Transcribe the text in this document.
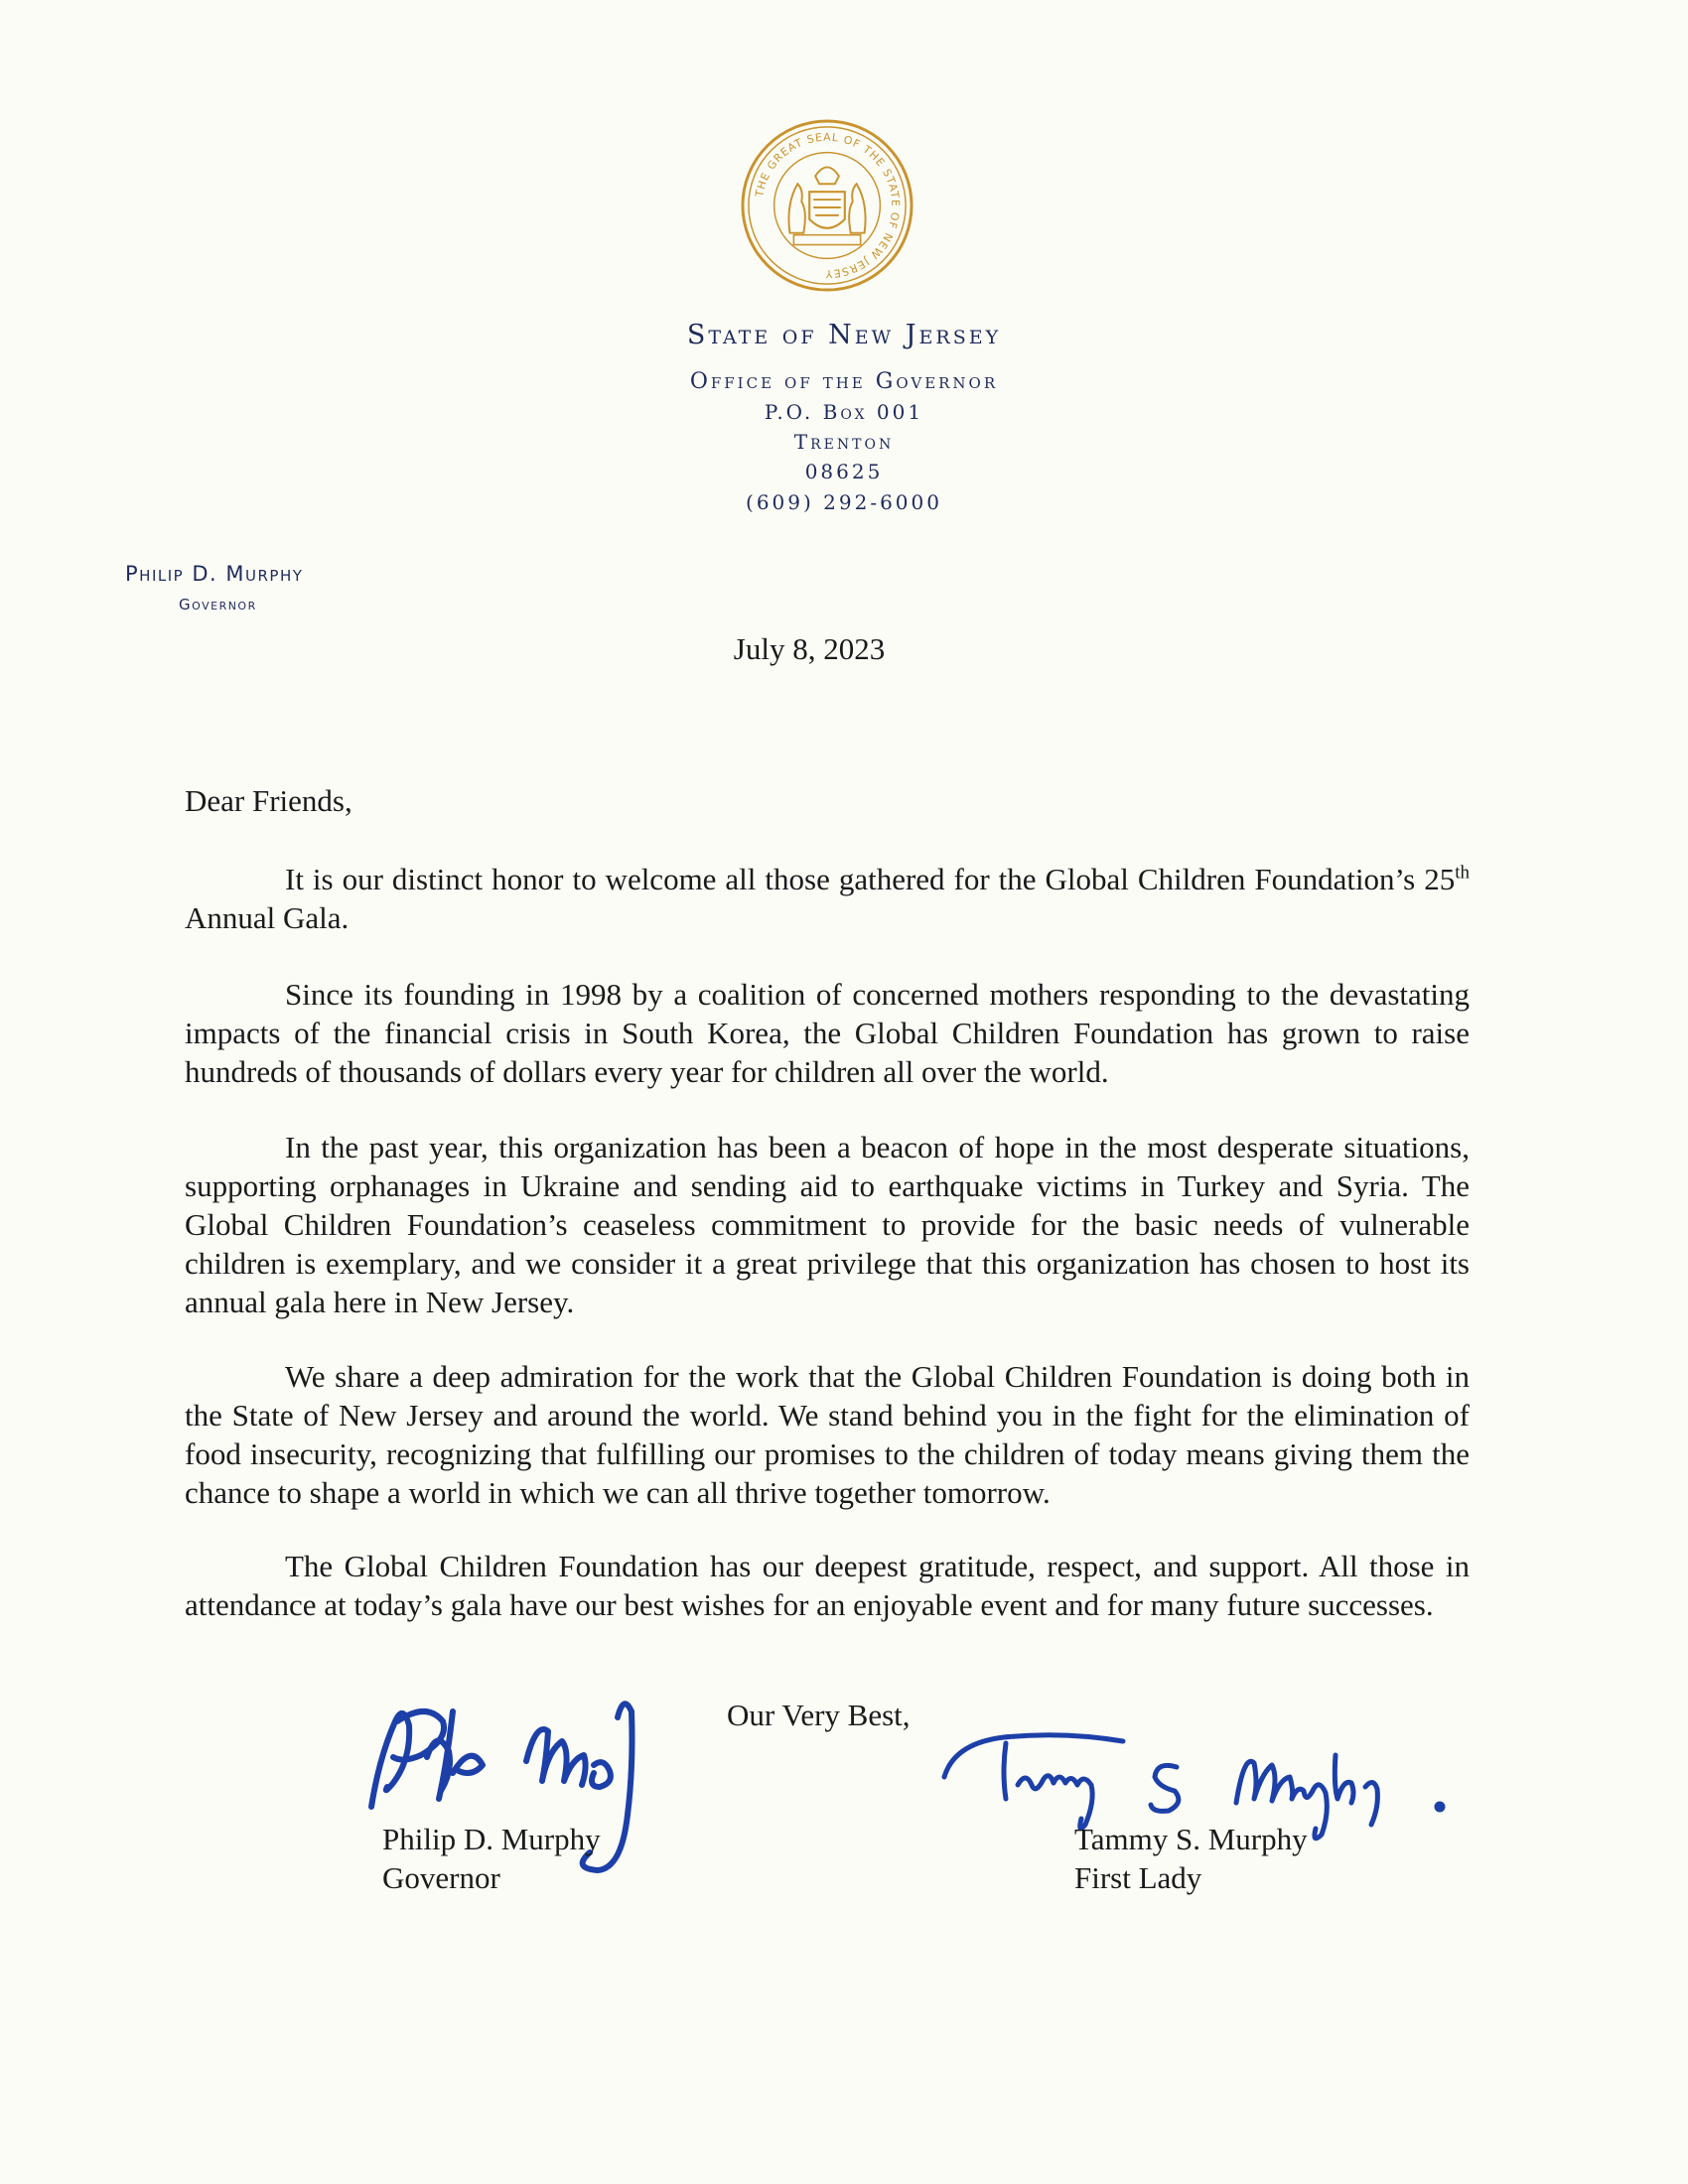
THE GREAT SEAL OF THE STATE OF NEW JERSEY
State of New Jersey
Office of the Governor
P.O. Box 001
Trenton
08625
(609) 292-6000
Philip D. Murphy
Governor
July 8, 2023
Dear Friends,

It is our distinct honor to welcome all those gathered for the Global Children Foundation’s 25th Annual Gala.

Since its founding in 1998 by a coalition of concerned mothers responding to the devastating impacts of the financial crisis in South Korea, the Global Children Foundation has grown to raise hundreds of thousands of dollars every year for children all over the world.

In the past year, this organization has been a beacon of hope in the most desperate situations, supporting orphanages in Ukraine and sending aid to earthquake victims in Turkey and Syria. The Global Children Foundation’s ceaseless commitment to provide for the basic needs of vulnerable children is exemplary, and we consider it a great privilege that this organization has chosen to host its annual gala here in New Jersey.

We share a deep admiration for the work that the Global Children Foundation is doing both in the State of New Jersey and around the world. We stand behind you in the fight for the elimination of food insecurity, recognizing that fulfilling our promises to the children of today means giving them the chance to shape a world in which we can all thrive together tomorrow.

The Global Children Foundation has our deepest gratitude, respect, and support. All those in attendance at today’s gala have our best wishes for an enjoyable event and for many future successes.

Our Very Best,
Philip D. Murphy
Governor
Tammy S. Murphy
First Lady
